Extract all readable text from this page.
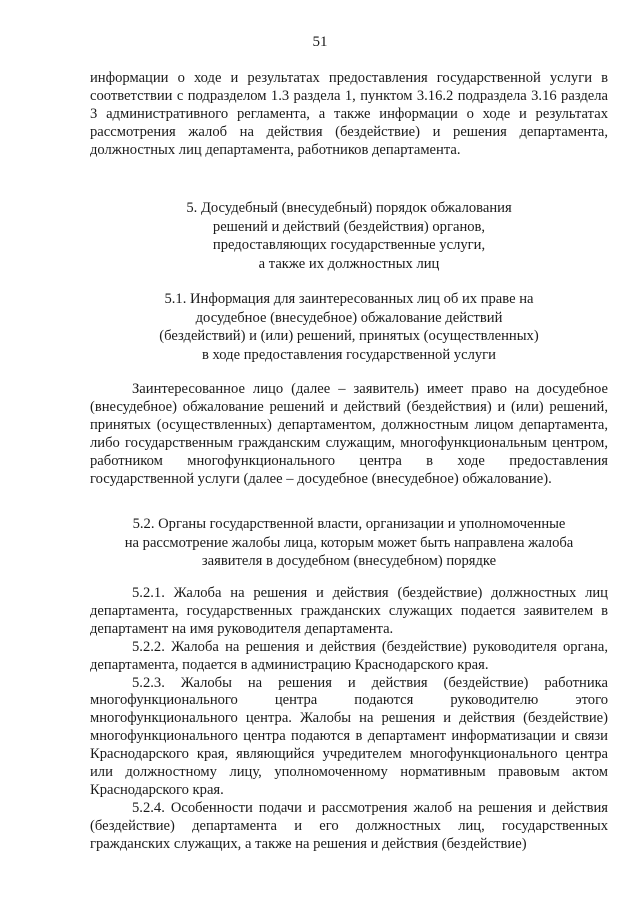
51

информации о ходе и результатах предоставления государственной услуги в соответствии с подразделом 1.3 раздела 1, пунктом 3.16.2 подраздела 3.16 раздела 3 административного регламента, а также информации о ходе и результатах рассмотрения жалоб на действия (бездействие) и решения департамента, должностных лиц департамента, работников департамента.

5. Досудебный (внесудебный) порядок обжалования

решений и действий (бездействия) органов,

предоставляющих государственные услуги,

а также их должностных лиц

5.1. Информация для заинтересованных лиц об их праве на

досудебное (внесудебное) обжалование действий

(бездействий) и (или) решений, принятых (осуществленных)

в ходе предоставления государственной услуги

Заинтересованное лицо (далее – заявитель) имеет право на досудебное (внесудебное) обжалование решений и действий (бездействия) и (или) решений, принятых (осуществленных) департаментом, должностным лицом департамента, либо государственным гражданским служащим, многофункциональным центром, работником многофункционального центра в ходе предоставления государственной услуги (далее – досудебное (внесудебное) обжалование).

5.2. Органы государственной власти, организации и уполномоченные

на рассмотрение жалобы лица, которым может быть направлена жалоба

заявителя в досудебном (внесудебном) порядке

5.2.1. Жалоба на решения и действия (бездействие) должностных лиц департамента, государственных гражданских служащих подается заявителем в департамент на имя руководителя департамента.

5.2.2. Жалоба на решения и действия (бездействие) руководителя органа, департамента, подается в администрацию Краснодарского края.

5.2.3. Жалобы на решения и действия (бездействие) работника многофункционального центра подаются руководителю этого многофункционального центра. Жалобы на решения и действия (бездействие) многофункционального центра подаются в департамент информатизации и связи Краснодарского края, являющийся учредителем многофункционального центра или должностному лицу, уполномоченному нормативным правовым актом Краснодарского края.

5.2.4. Особенности подачи и рассмотрения жалоб на решения и действия (бездействие) департамента и его должностных лиц, государственных гражданских служащих, а также на решения и действия (бездействие)
